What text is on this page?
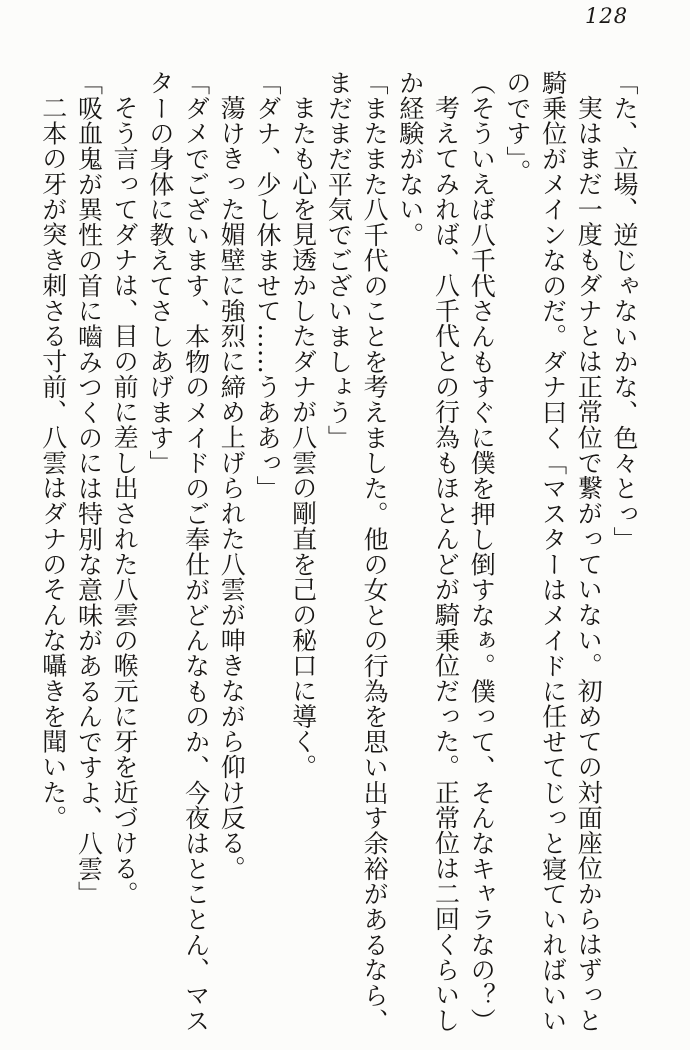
128

「た、立場、逆じゃないかな、色々とっ」

実はまだ一度もダナとは正常位で繋がっていない。初めての対面座位からはずっと

騎乗位がメインなのだ。ダナ曰く「マスターはメイドに任せてじっと寝ていればいい

のです」。

（そういえば八千代さんもすぐに僕を押し倒すなぁ。僕って、そんなキャラなの？）

考えてみれば、八千代との行為もほとんどが騎乗位だった。正常位は二回くらいし

か経験がない。

「またまた八千代のことを考えました。他の女との行為を思い出す余裕があるなら、

まだまだ平気でございましょう」

またも心を見透かしたダナが八雲の剛直を己の秘口に導く。

「ダナ、少し休ませて……うああっ」

蕩けきった媚壁に強烈に締め上げられた八雲が呻きながら仰け反る。

「ダメでございます、本物のメイドのご奉仕がどんなものか、今夜はとことん、マス

ターの身体に教えてさしあげます」

そう言ってダナは、目の前に差し出された八雲の喉元に牙を近づける。

「吸血鬼が異性の首に嚙みつくのには特別な意味があるんですよ、八雲」

二本の牙が突き刺さる寸前、八雲はダナのそんな囁きを聞いた。
